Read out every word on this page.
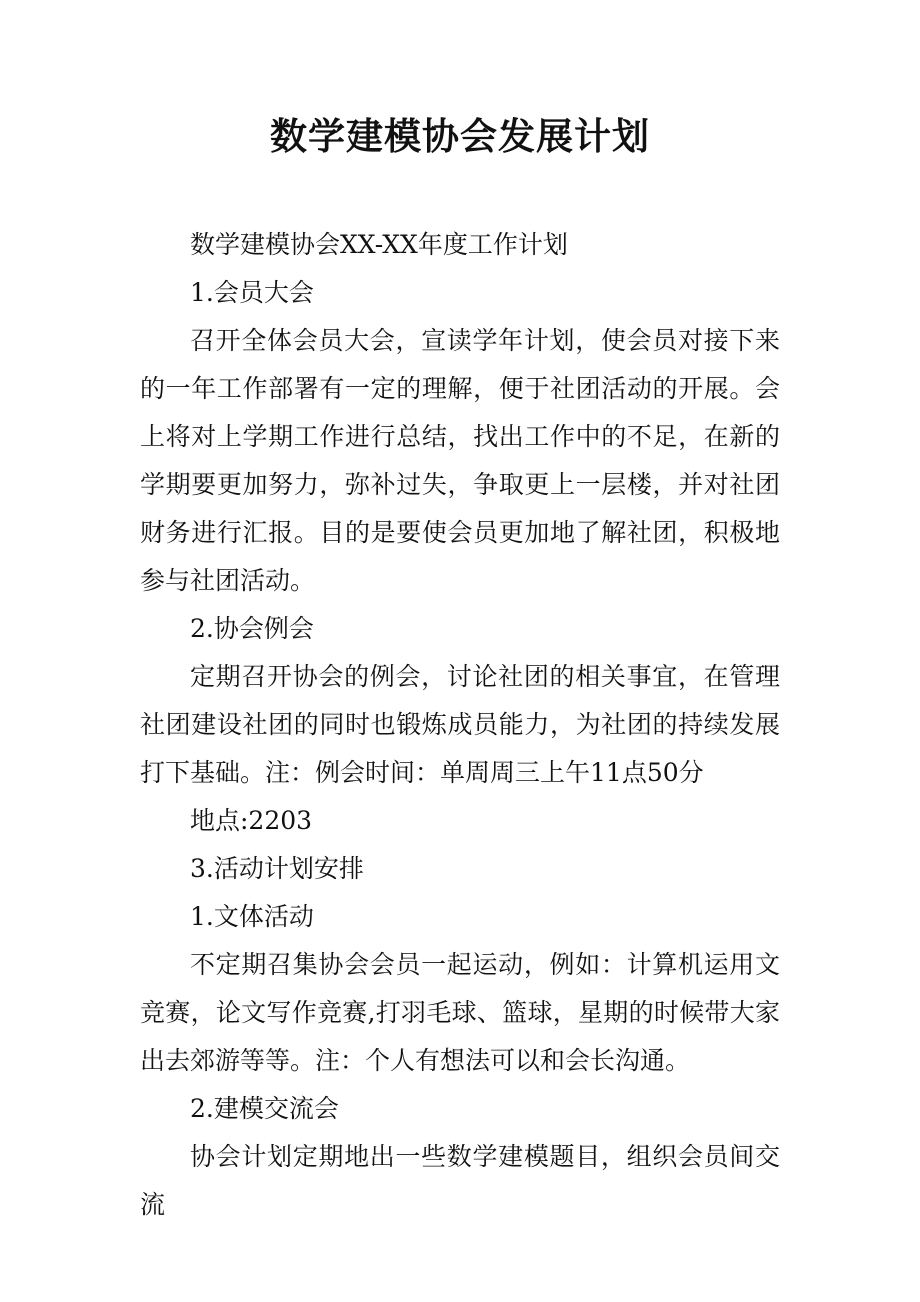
数学建模协会发展计划

数学建模协会XX-XX年度工作计划

1.会员大会

召开全体会员大会，宣读学年计划，使会员对接下来的一年工作部署有一定的理解，便于社团活动的开展。会上将对上学期工作进行总结，找出工作中的不足，在新的学期要更加努力，弥补过失，争取更上一层楼，并对社团财务进行汇报。目的是要使会员更加地了解社团，积极地参与社团活动。

2.协会例会

定期召开协会的例会，讨论社团的相关事宜，在管理社团建设社团的同时也锻炼成员能力，为社团的持续发展打下基础。注：例会时间：单周周三上午11点50分

地点:2203

3.活动计划安排

1.文体活动

不定期召集协会会员一起运动，例如：计算机运用文竞赛，论文写作竞赛,打羽毛球、篮球，星期的时候带大家出去郊游等等。注：个人有想法可以和会长沟通。

2.建模交流会

协会计划定期地出一些数学建模题目，组织会员间交流
